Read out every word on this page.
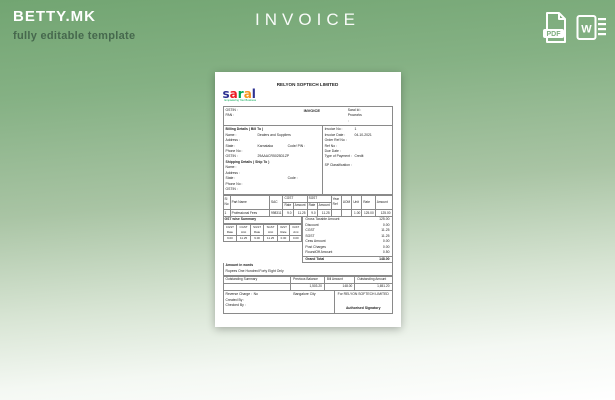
BETTY.MK
fully editable template
INVOICE
PDF W
RELYON SOFTECH LIMITED
saral
Empowering Your Business
GSTIN :
PAN :
INVOICE	Saral Id :
Proworks :
Billing Details ( Bill To )
Name :	Dealers and Suppliers
Address :
State :	Karnataka	Code/ PIN :
Phone No :
GSTIN :	29AAACR5025D1ZP
Shipping Details ( Ship To )
Name :
Address :
State :	Code :
Phone No :
GSTIN :
Invoice No :	1
Invoice Date :	04-10-2021
Order Ref No :
Ref No :
Due Date :
Type of Payment :	Credit
SP Classification :
Sl No	Part Name	SAC	CGST		SGST		Year Ref	UOM	Unit	Rate	Amount
			Rate	Amount	Rate	Amount					
1	Professional Fees	998311	9.0	11.25	9.0	11.25			1.00	125.00	125.00
GST wise Summary
CGST Rate	CGST Amt	SGST Rate	SGST Amt	IGST Rate	IGST Amt
9.00	11.25	9.00	11.25	0.00	0.00
Gross Taxable Amount	125.00
Discount	0.00
CGST	11.25
SGST	11.25
Cess Amount	0.00
Post Charges	0.00
RoundOff Amount	0.50
Grand Total	148.00
Amount in words
Rupees One Hundred Forty Eight Only
Outstanding Summary	Previous Balance	Bill Amount	Outstanding Amount
	1,503.20	148.00	1,651.20
Reverse Charge : No
Created By :
Checked By :
Bangalore City	For RELYON SOFTECH LIMITED
Authorised Signatory
